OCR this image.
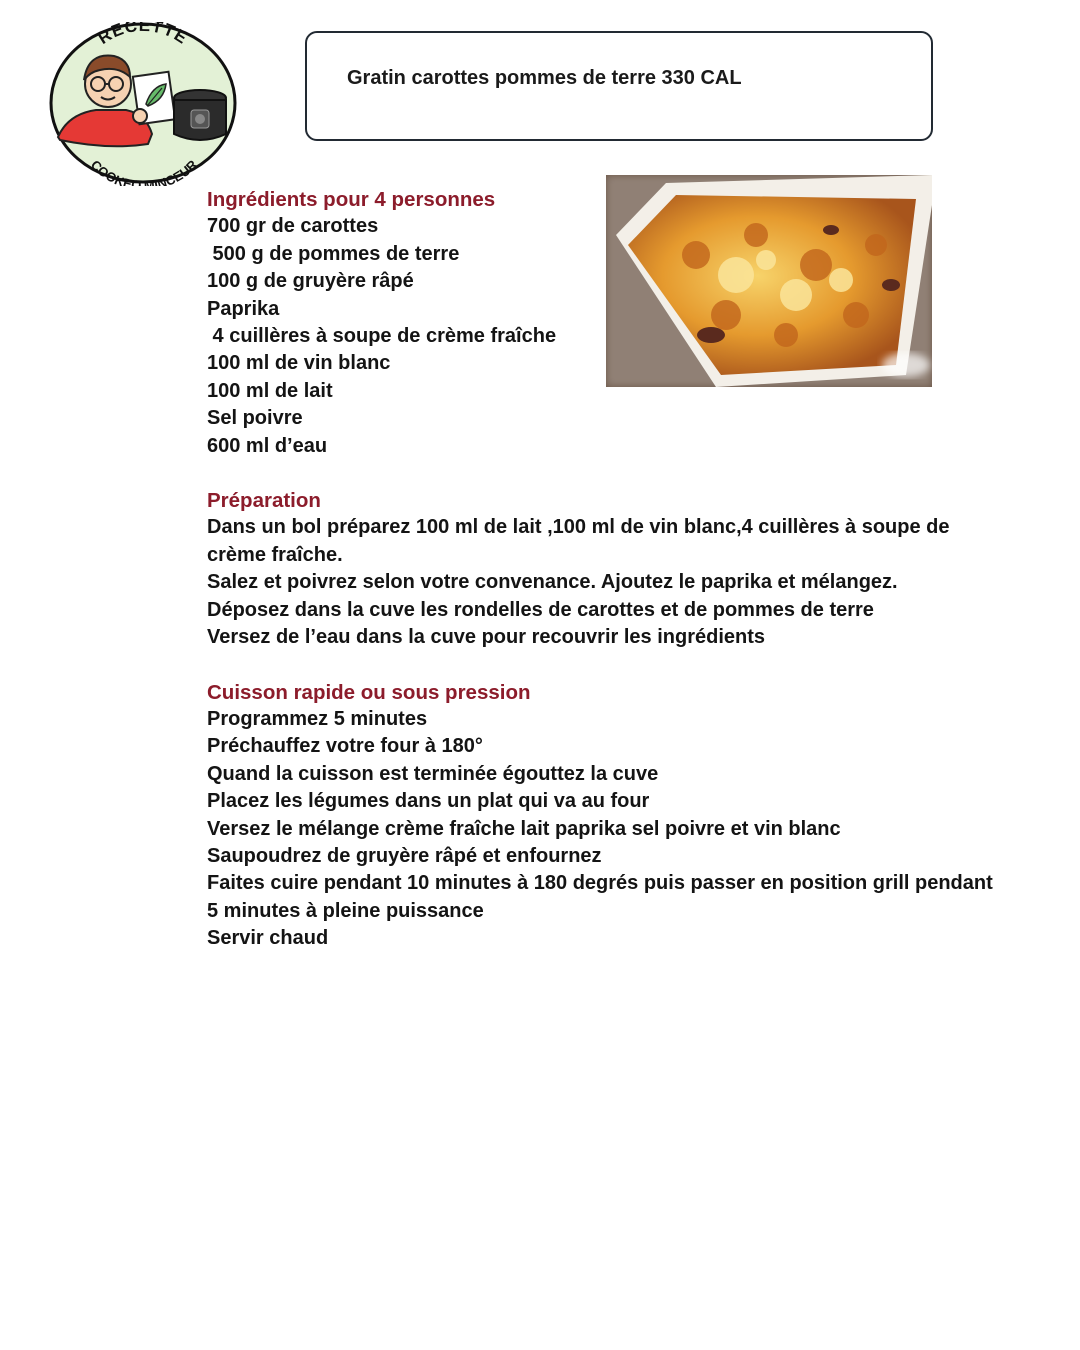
RECETTE
COOKEO MINCEUR
Gratin carottes pommes de terre 330 CAL
Ingrédients pour 4 personnes
700 gr de carottes
500 g de pommes de terre
100 g de gruyère râpé
Paprika
4 cuillères à soupe de crème fraîche
100 ml de vin blanc
100 ml de lait
Sel poivre
600 ml d’eau
Préparation
Dans un bol préparez 100 ml de lait ,100 ml de vin blanc,4 cuillères à soupe de crème fraîche.
Salez et poivrez selon votre convenance. Ajoutez le paprika et mélangez.
Déposez dans la cuve les rondelles de carottes et de pommes de terre
Versez de l’eau dans la cuve pour recouvrir les ingrédients
Cuisson rapide ou sous pression
Programmez 5 minutes
Préchauffez votre four à 180°
Quand la cuisson est terminée égouttez la cuve
Placez les légumes dans un plat qui va au four
Versez le mélange crème fraîche lait paprika sel poivre et vin blanc
Saupoudrez de gruyère râpé et enfournez
Faites cuire pendant 10 minutes à 180 degrés puis passer en position grill pendant 5 minutes à pleine puissance
Servir chaud
